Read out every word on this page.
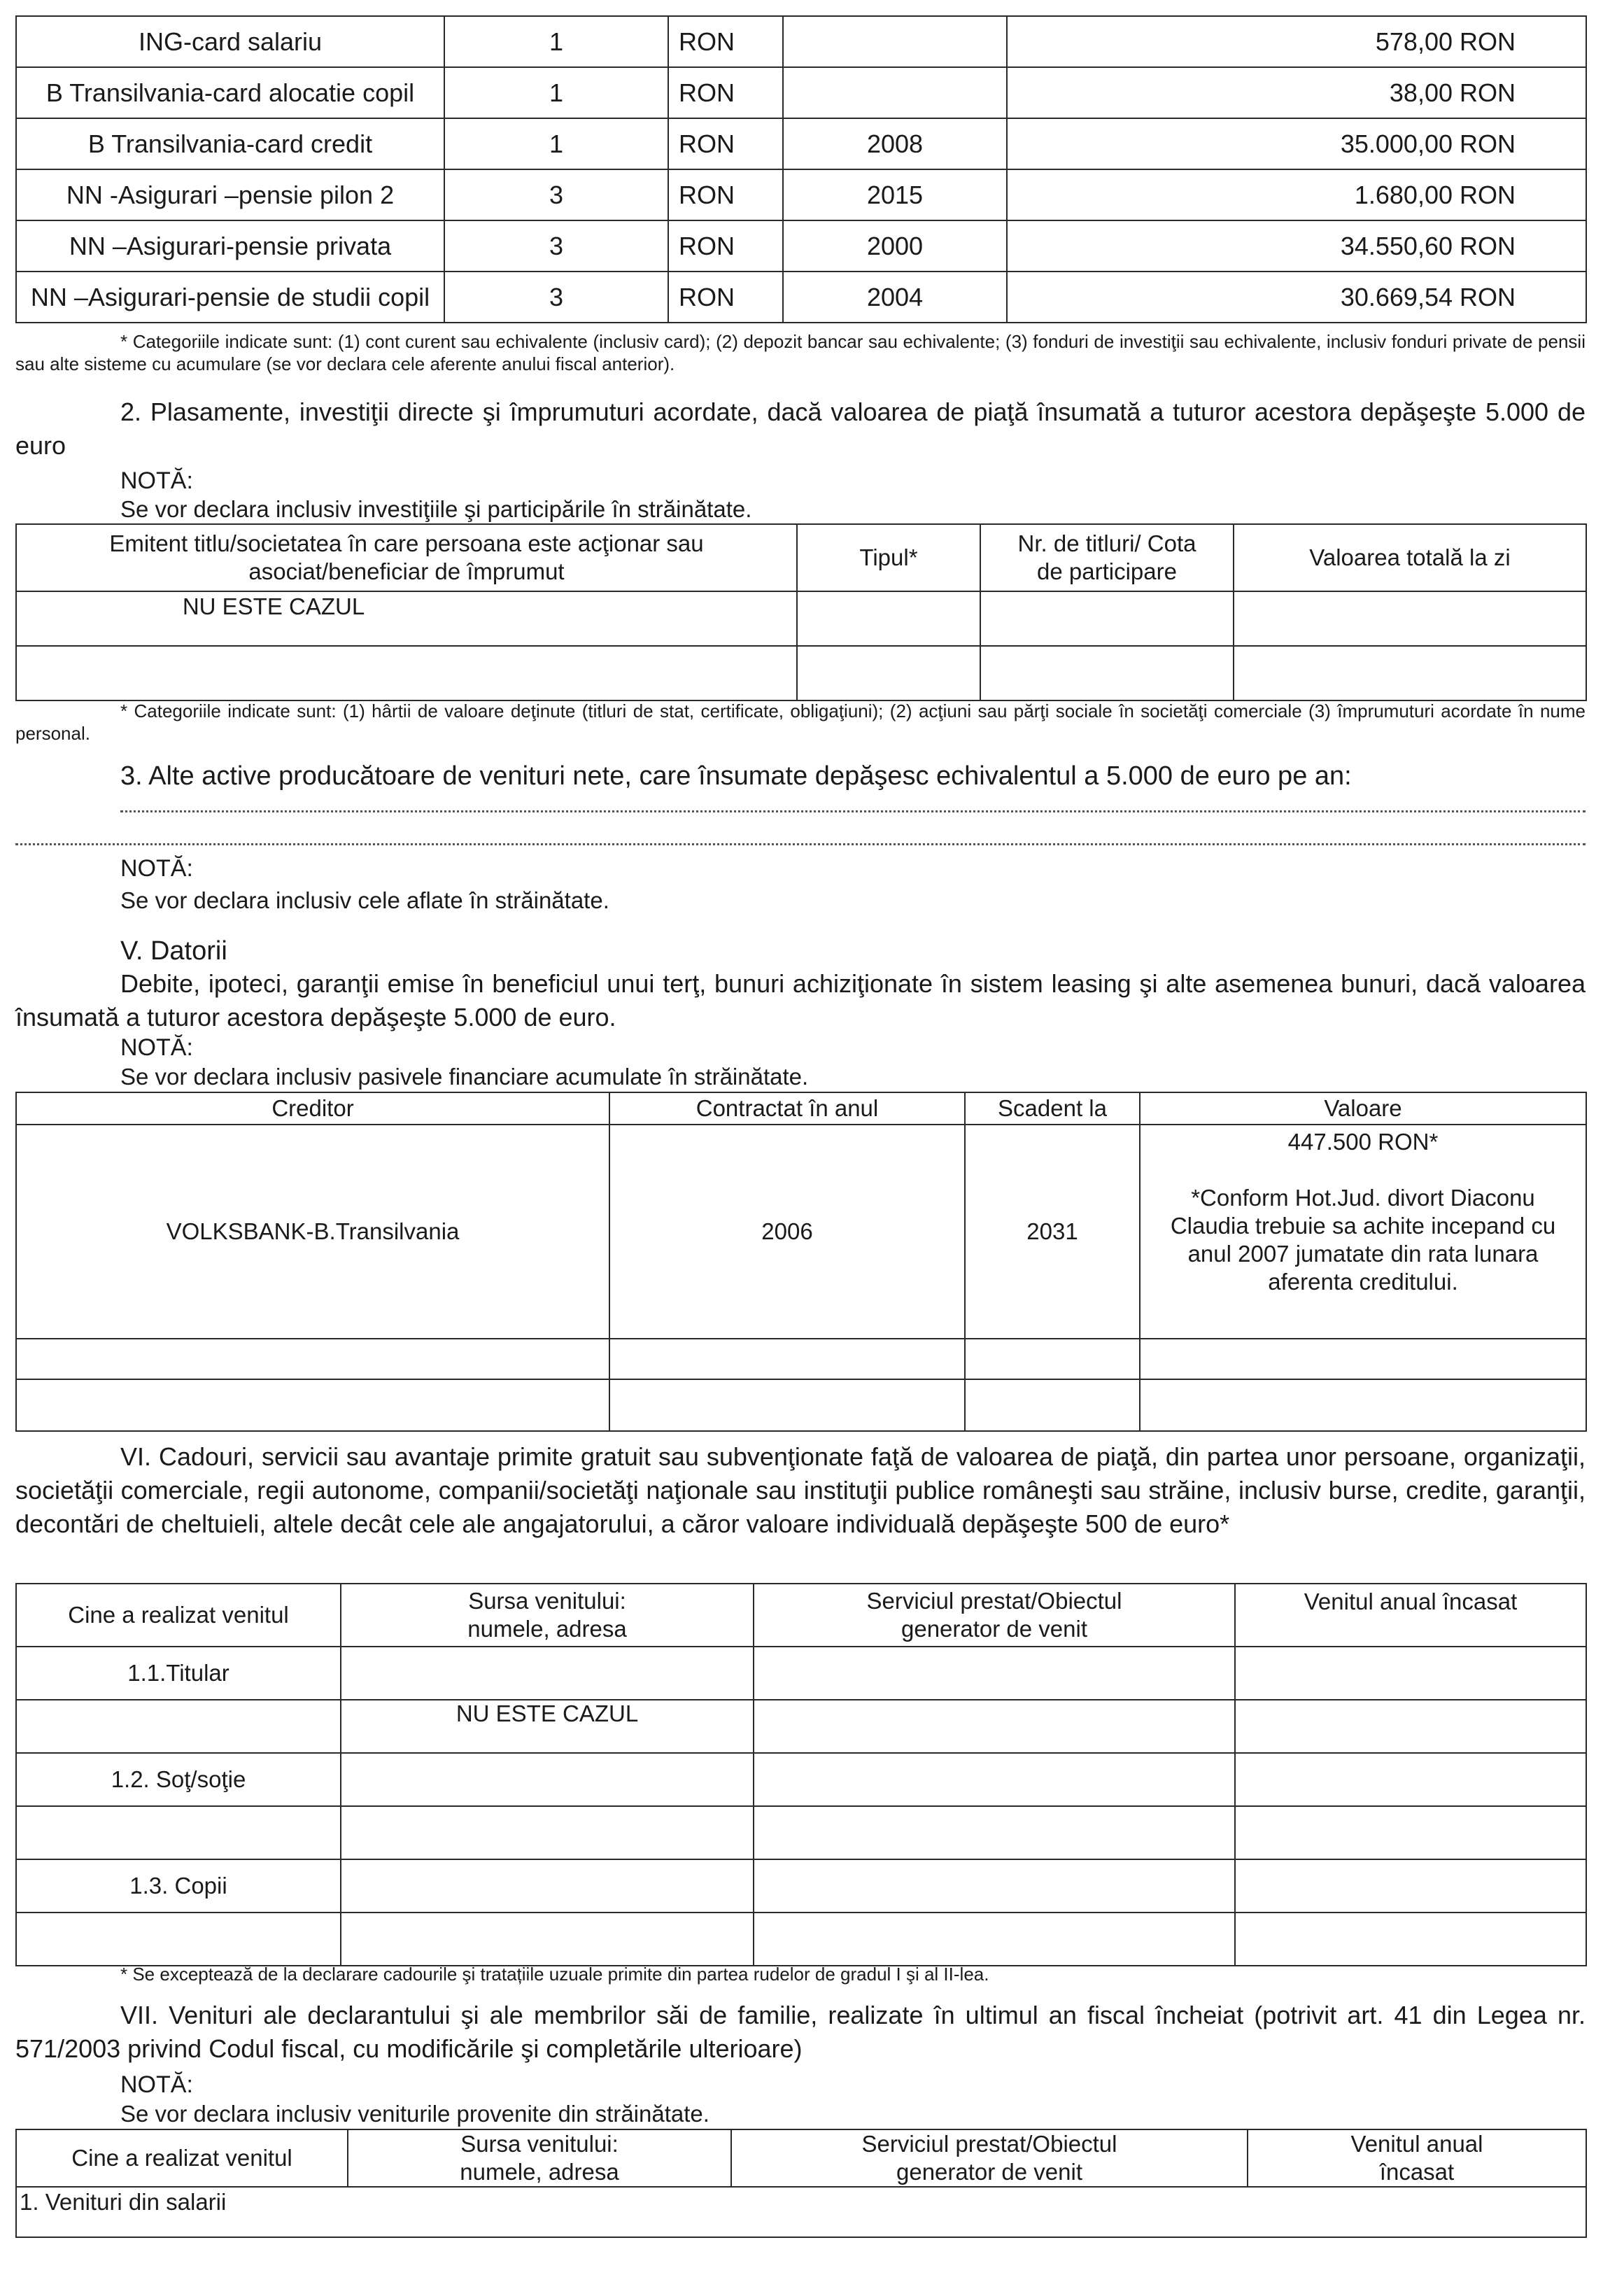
ING-card salariu	1	RON		578,00 RON
B Transilvania-card alocatie copil	1	RON		38,00 RON
B Transilvania-card credit	1	RON	2008	35.000,00 RON
NN -Asigurari –pensie pilon 2	3	RON	2015	1.680,00 RON
NN –Asigurari-pensie privata	3	RON	2000	34.550,60 RON
NN –Asigurari-pensie de studii copil	3	RON	2004	30.669,54 RON
* Categoriile indicate sunt: (1) cont curent sau echivalente (inclusiv card); (2) depozit bancar sau echivalente; (3) fonduri de investiţii sau echivalente, inclusiv fonduri private de pensii sau alte sisteme cu acumulare (se vor declara cele aferente anului fiscal anterior).
2. Plasamente, investiţii directe şi împrumuturi acordate, dacă valoarea de piaţă însumată a tuturor acestora depăşeşte 5.000 de euro
NOTĂ:
Se vor declara inclusiv investiţiile şi participările în străinătate.
Emitent titlu/societatea în care persoana este acţionar sau asociat/beneficiar de împrumut	Tipul*	Nr. de titluri/ Cota de participare	Valoarea totală la zi
NU ESTE CAZUL			

* Categoriile indicate sunt: (1) hârtii de valoare deţinute (titluri de stat, certificate, obligaţiuni); (2) acţiuni sau părţi sociale în societăţi comerciale (3) împrumuturi acordate în nume personal.
3. Alte active producătoare de venituri nete, care însumate depăşesc echivalentul a 5.000 de euro pe an:
NOTĂ:
Se vor declara inclusiv cele aflate în străinătate.
V. Datorii
Debite, ipoteci, garanţii emise în beneficiul unui terţ, bunuri achiziţionate în sistem leasing şi alte asemenea bunuri, dacă valoarea însumată a tuturor acestora depăşeşte 5.000 de euro.
NOTĂ:
Se vor declara inclusiv pasivele financiare acumulate în străinătate.
Creditor	Contractat în anul	Scadent la	Valoare
VOLKSBANK-B.Transilvania	2006	2031	447.500 RON*
*Conform Hot.Jud. divort Diaconu Claudia trebuie sa achite incepand cu anul 2007 jumatate din rata lunara aferenta creditului.

VI. Cadouri, servicii sau avantaje primite gratuit sau subvenţionate faţă de valoarea de piaţă, din partea unor persoane, organizaţii, societăţii comerciale, regii autonome, companii/societăţi naţionale sau instituţii publice româneşti sau străine, inclusiv burse, credite, garanţii, decontări de cheltuieli, altele decât cele ale angajatorului, a căror valoare individuală depăşeşte 500 de euro*
Cine a realizat venitul	Sursa venitului: numele, adresa	Serviciul prestat/Obiectul generator de venit	Venitul anual încasat
1.1.Titular			
	NU ESTE CAZUL		
1.2. Soţ/soţie			

1.3. Copii			

* Se exceptează de la declarare cadourile şi tratațiile uzuale primite din partea rudelor de gradul I şi al II-lea.
VII. Venituri ale declarantului şi ale membrilor săi de familie, realizate în ultimul an fiscal încheiat (potrivit art. 41 din Legea nr. 571/2003 privind Codul fiscal, cu modificările şi completările ulterioare)
NOTĂ:
Se vor declara inclusiv veniturile provenite din străinătate.
Cine a realizat venitul	Sursa venitului: numele, adresa	Serviciul prestat/Obiectul generator de venit	Venitul anual încasat
1. Venituri din salarii
